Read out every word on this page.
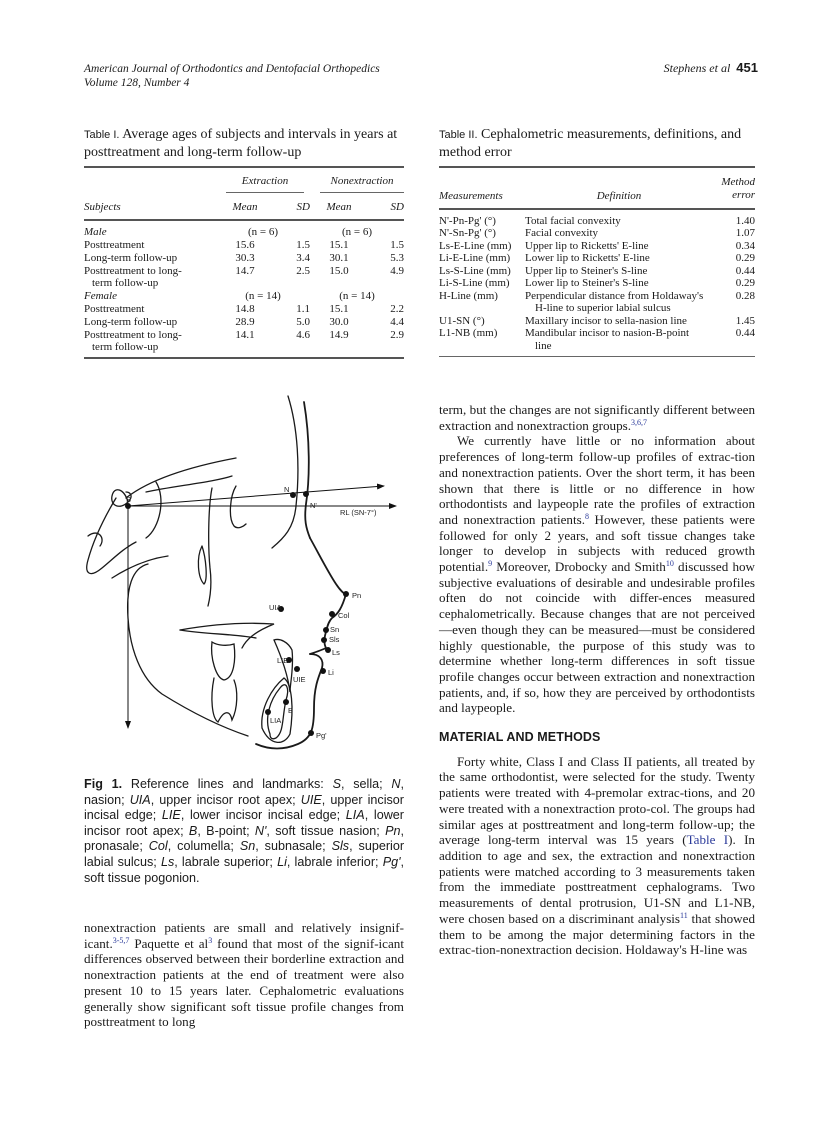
American Journal of Orthodontics and Dentofacial Orthopedics
Volume 128, Number 4
Stephens et al 451
Table I. Average ages of subjects and intervals in years at posttreatment and long-term follow-up

	Extraction		Nonextraction	

Subjects	Mean	SD	Mean	SD

Male	(n = 6)		(n = 6)	
Posttreatment	15.6	1.5	15.1	1.5
Long-term follow-up	30.3	3.4	30.1	5.3

Posttreatment to long-
term follow-up	14.7	2.5	15.0	4.9
Female	(n = 14)		(n = 14)	
Posttreatment	14.8	1.1	15.1	2.2
Long-term follow-up	28.9	5.0	30.0	4.4

Posttreatment to long-
term follow-up	14.1	4.6	14.9	2.9
Table II. Cephalometric measurements, definitions, and method error
Measurements	Definition	Method
error

N'-Pn-Pg' (°)	Total facial convexity	1.40
N'-Sn-Pg' (°)	Facial convexity	1.07
Ls-E-Line (mm)	Upper lip to Ricketts' E-line	0.34
Li-E-Line (mm)	Lower lip to Ricketts' E-line	0.29
Ls-S-Line (mm)	Upper lip to Steiner's S-line	0.44
Li-S-Line (mm)	Lower lip to Steiner's S-line	0.29
H-Line (mm)	Perpendicular distance from Holdaway's
H-line to superior labial sulcus	0.28
U1-SN (°)	Maxillary incisor to sella-nasion line	1.45
L1-NB (mm)	Mandibular incisor to nasion-B-point
line	0.44
S
N
N'
RL (SN-7°)
Pn
Col
Sn
Sls
Ls
Li
UIA
LIE
UIE
B
LIA
Pg'
Fig 1. Reference lines and landmarks: S, sella; N, nasion; UIA, upper incisor root apex; UIE, upper incisor incisal edge; LIE, lower incisor incisal edge; LIA, lower incisor root apex; B, B-point; N', soft tissue nasion; Pn, pronasale; Col, columella; Sn, subnasale; Sls, superior labial sulcus; Ls, labrale superior; Li, labrale inferior; Pg', soft tissue pogonion.

nonextraction patients are small and relatively insignif-icant.$^{3-5,7}$ Paquette et al$^3$ found that most of the signif-icant differences observed between their borderline extraction and nonextraction patients at the end of treatment were also present 10 to 15 years later. Cephalometric evaluations generally show significant soft tissue profile changes from posttreatment to long

term, but the changes are not significantly different between extraction and nonextraction groups.$^{3,6,7}$

We currently have little or no information about preferences of long-term follow-up profiles of extrac-tion and nonextraction patients. Over the short term, it has been shown that there is little or no difference in how orthodontists and laypeople rate the profiles of extraction and nonextraction patients.$^8$ However, these patients were followed for only 2 years, and soft tissue changes take longer to develop in subjects with reduced growth potential.$^9$ Moreover, Drobocky and Smith$^{10}$ discussed how subjective evaluations of desirable and undesirable profiles often do not coincide with differ-ences measured cephalometrically. Because changes that are not perceived—even though they can be measured—must be considered highly questionable, the purpose of this study was to determine whether long-term differences in soft tissue profile changes occur between extraction and nonextraction patients, and, if so, how they are perceived by orthodontists and laypeople.

MATERIAL AND METHODS

Forty white, Class I and Class II patients, all treated by the same orthodontist, were selected for the study. Twenty patients were treated with 4-premolar extrac-tions, and 20 were treated with a nonextraction proto-col. The groups had similar ages at posttreatment and long-term follow-up; the average long-term interval was 15 years (Table I). In addition to age and sex, the extraction and nonextraction patients were matched according to 3 measurements taken from the immediate posttreatment cephalograms. Two measurements of dental protrusion, U1-SN and L1-NB, were chosen based on a discriminant analysis$^{11}$ that showed them to be among the major determining factors in the extrac-tion-nonextraction decision. Holdaway's H-line was
